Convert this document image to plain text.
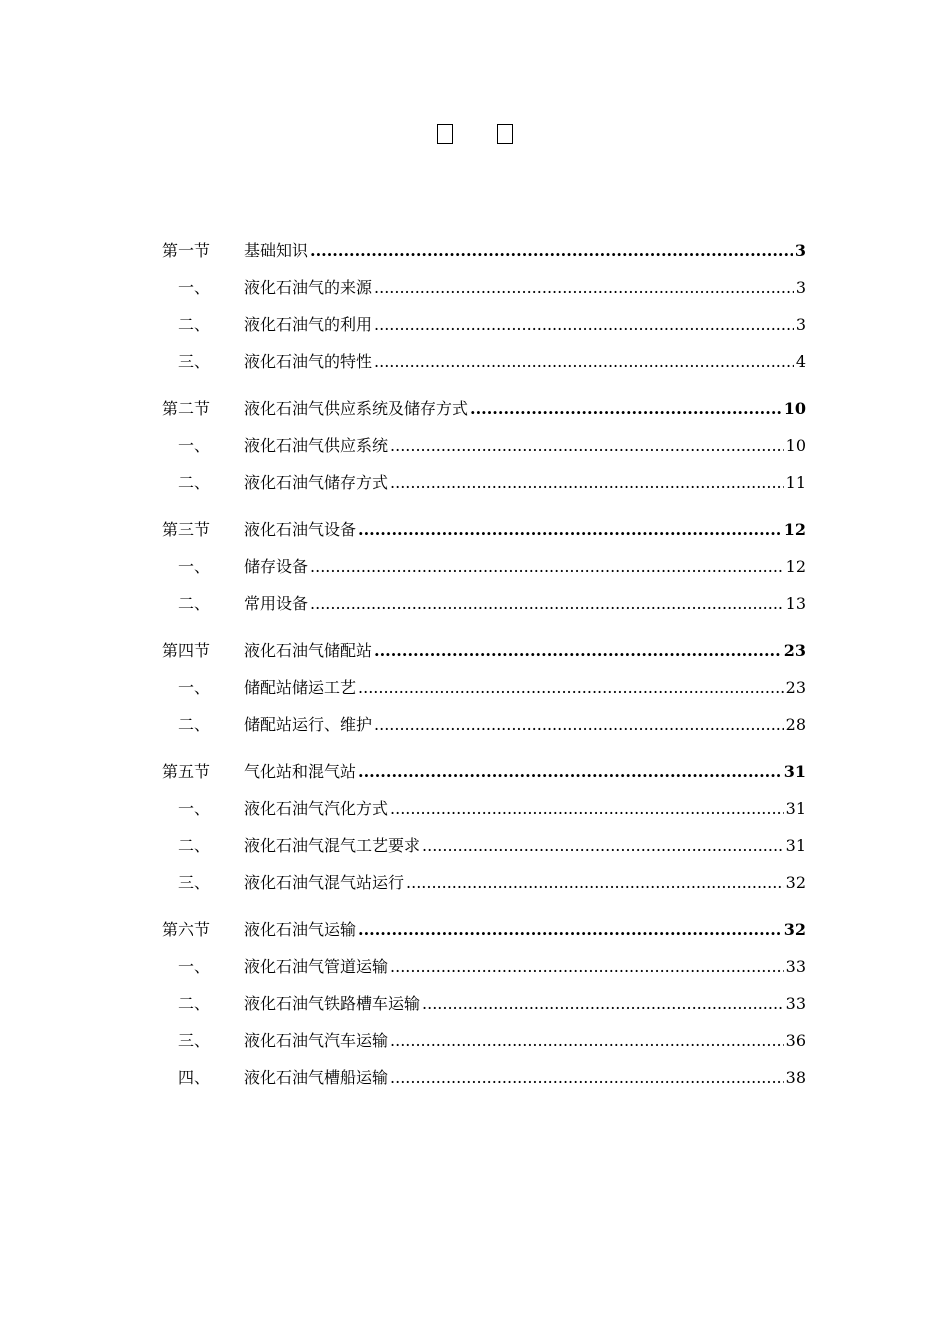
第一节	基础知识 .....	3
一、	液化石油气的来源 .....	3
二、	液化石油气的利用 .....	3
三、	液化石油气的特性 .....	4
第二节	液化石油气供应系统及储存方式 .....	10
一、	液化石油气供应系统 .....	10
二、	液化石油气储存方式 .....	11
第三节	液化石油气设备 .....	12
一、	储存设备 .....	12
二、	常用设备 .....	13
第四节	液化石油气储配站 .....	23
一、	储配站储运工艺 .....	23
二、	储配站运行、维护 .....	28
第五节	气化站和混气站 .....	31
一、	液化石油气汽化方式 .....	31
二、	液化石油气混气工艺要求 .....	31
三、	液化石油气混气站运行 .....	32
第六节	液化石油气运输 .....	32
一、	液化石油气管道运输 .....	33
二、	液化石油气铁路槽车运输 .....	33
三、	液化石油气汽车运输 .....	36
四、	液化石油气槽船运输 .....	38
